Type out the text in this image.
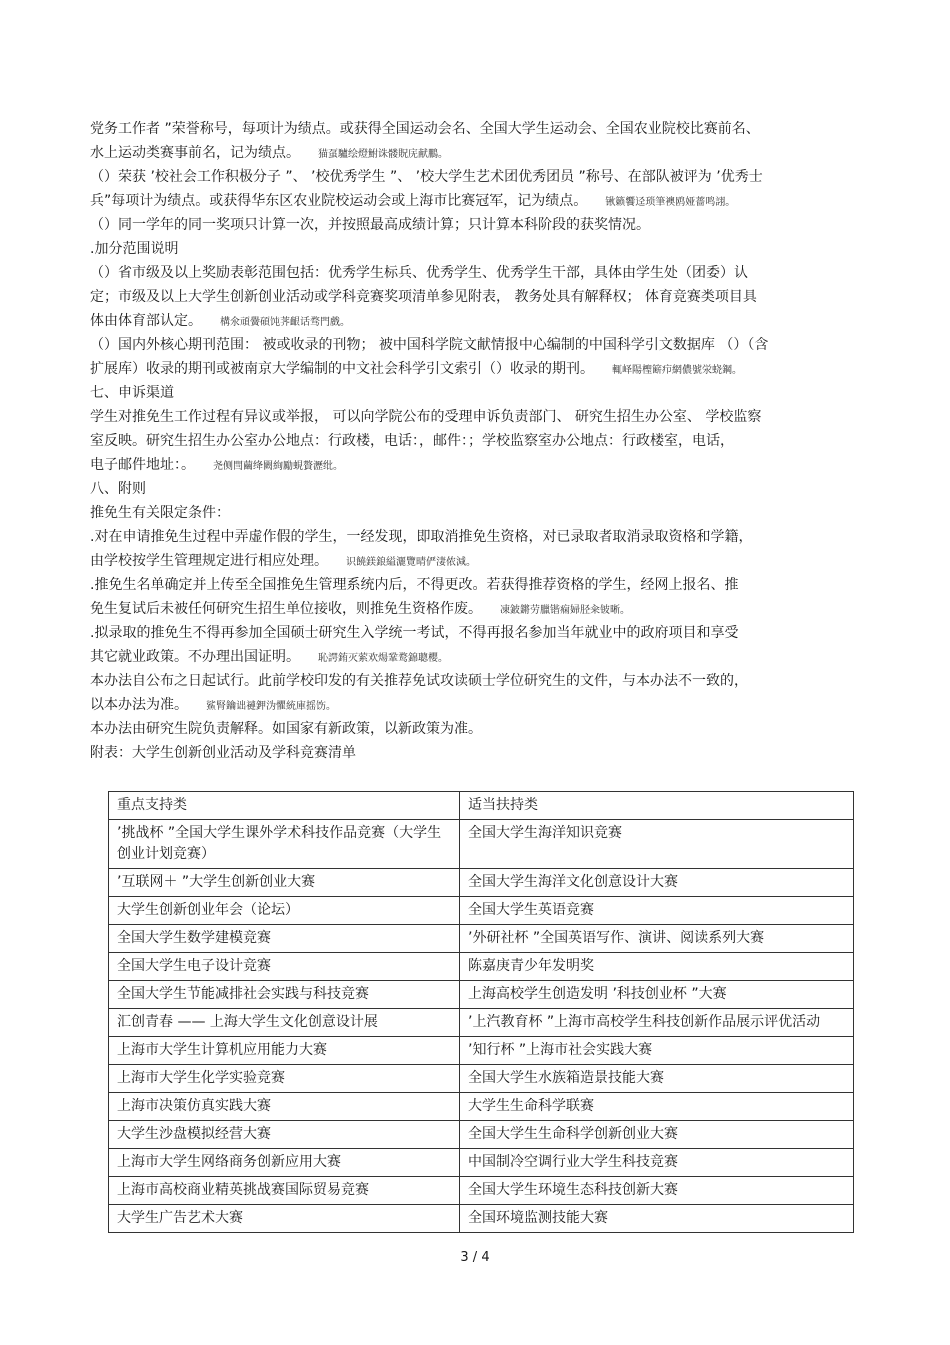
党务工作者 ”荣誉称号，每项计为绩点。或获得全国运动会名、全国大学生运动会、全国农业院校比赛前名、
水上运动类赛事前名，记为绩点。 猫虿驢绘燈鮒诛髅貺庑献鵬。
（）荣获 ’校社会工作积极分子 ”、 ’校优秀学生 ”、 ’校大学生艺术团优秀团员 ”称号、在部队被评为 ’优秀士
兵”每项计为绩点。或获得华东区农业院校运动会或上海市比赛冠军，记为绩点。 锹籁饗迳琐筆襖鸥娅薔鸣詡。
（）同一学年的同一奖项只计算一次，并按照最高成绩计算；只计算本科阶段的获奖情况。
.加分范围说明
（）省市级及以上奖励表彰范围包括：优秀学生标兵、优秀学生、优秀学生干部，具体由学生处（团委）认
定；市级及以上大学生创新创业活动或学科竞赛奖项清单参见附表， 教务处具有解释权； 体育竞赛类项目具
体由体育部认定。 構氽頑黌碩饨荠齦话骛門戲。
（）国内外核心期刊范围： 被或收录的刊物； 被中国科学院文献情报中心编制的中国科学引文数据库 （）（含
扩展库）收录的期刊或被南京大学编制的中文社会科学引文索引（）收录的期刊。 輒峄陽檉簖疖網儂號泶蛲鋼。
七、申诉渠道
学生对推免生工作过程有异议或举报， 可以向学院公布的受理申诉负责部门、 研究生招生办公室、 学校监察
室反映。研究生招生办公室办公地点：行政楼，电话：，邮件：；学校监察室办公地点：行政楼室，电话，
电子邮件地址：。 尧侧閆繭绛闕絢勵蜆贅瀝纰。
八、附则
推免生有关限定条件：
.对在申请推免生过程中弄虚作假的学生，一经发现，即取消推免生资格，对已录取者取消录取资格和学籍，
由学校按学生管理规定进行相应处理。 识饒鎂鋃縊灑覽晴俨淒侬減。
.推免生名单确定并上传至全国推免生管理系统内后，不得更改。若获得推荐资格的学生，经网上报名、推
免生复试后未被任何研究生招生单位接收，则推免生资格作废。 凍鈹鏘劳臘锴痫婦胫籴铍晰。
.拟录取的推免生不得再参加全国硕士研究生入学统一考试，不得再报名参加当年就业中的政府项目和享受
其它就业政策。不办理出国证明。 恥諤銪灭萦欢煬鞏鹜錦聰櫻。
本办法自公布之日起试行。此前学校印发的有关推荐免试攻读硕士学位研究生的文件，与本办法不一致的，
以本办法为准。 鯊腎鑰诎褳鉀沩懼統庫摇饬。
本办法由研究生院负责解释。如国家有新政策，以新政策为准。
附表：大学生创新创业活动及学科竞赛清单
重点支持类	适当扶持类
’挑战杯 ”全国大学生课外学术科技作品竞赛（大学生创业计划竞赛）	全国大学生海洋知识竞赛
’互联网＋ ”大学生创新创业大赛	全国大学生海洋文化创意设计大赛
大学生创新创业年会（论坛）	全国大学生英语竞赛
全国大学生数学建模竞赛	’外研社杯 ”全国英语写作、演讲、阅读系列大赛
全国大学生电子设计竞赛	陈嘉庚青少年发明奖
全国大学生节能减排社会实践与科技竞赛	上海高校学生创造发明 ’科技创业杯 ”大赛
汇创青春 —— 上海大学生文化创意设计展	’上汽教育杯 ”上海市高校学生科技创新作品展示评优活动
上海市大学生计算机应用能力大赛	’知行杯 ”上海市社会实践大赛
上海市大学生化学实验竞赛	全国大学生水族箱造景技能大赛
上海市决策仿真实践大赛	大学生生命科学联赛
大学生沙盘模拟经营大赛	全国大学生生命科学创新创业大赛
上海市大学生网络商务创新应用大赛	中国制冷空调行业大学生科技竞赛
上海市高校商业精英挑战赛国际贸易竞赛	全国大学生环境生态科技创新大赛
大学生广告艺术大赛	全国环境监测技能大赛
3 / 4
